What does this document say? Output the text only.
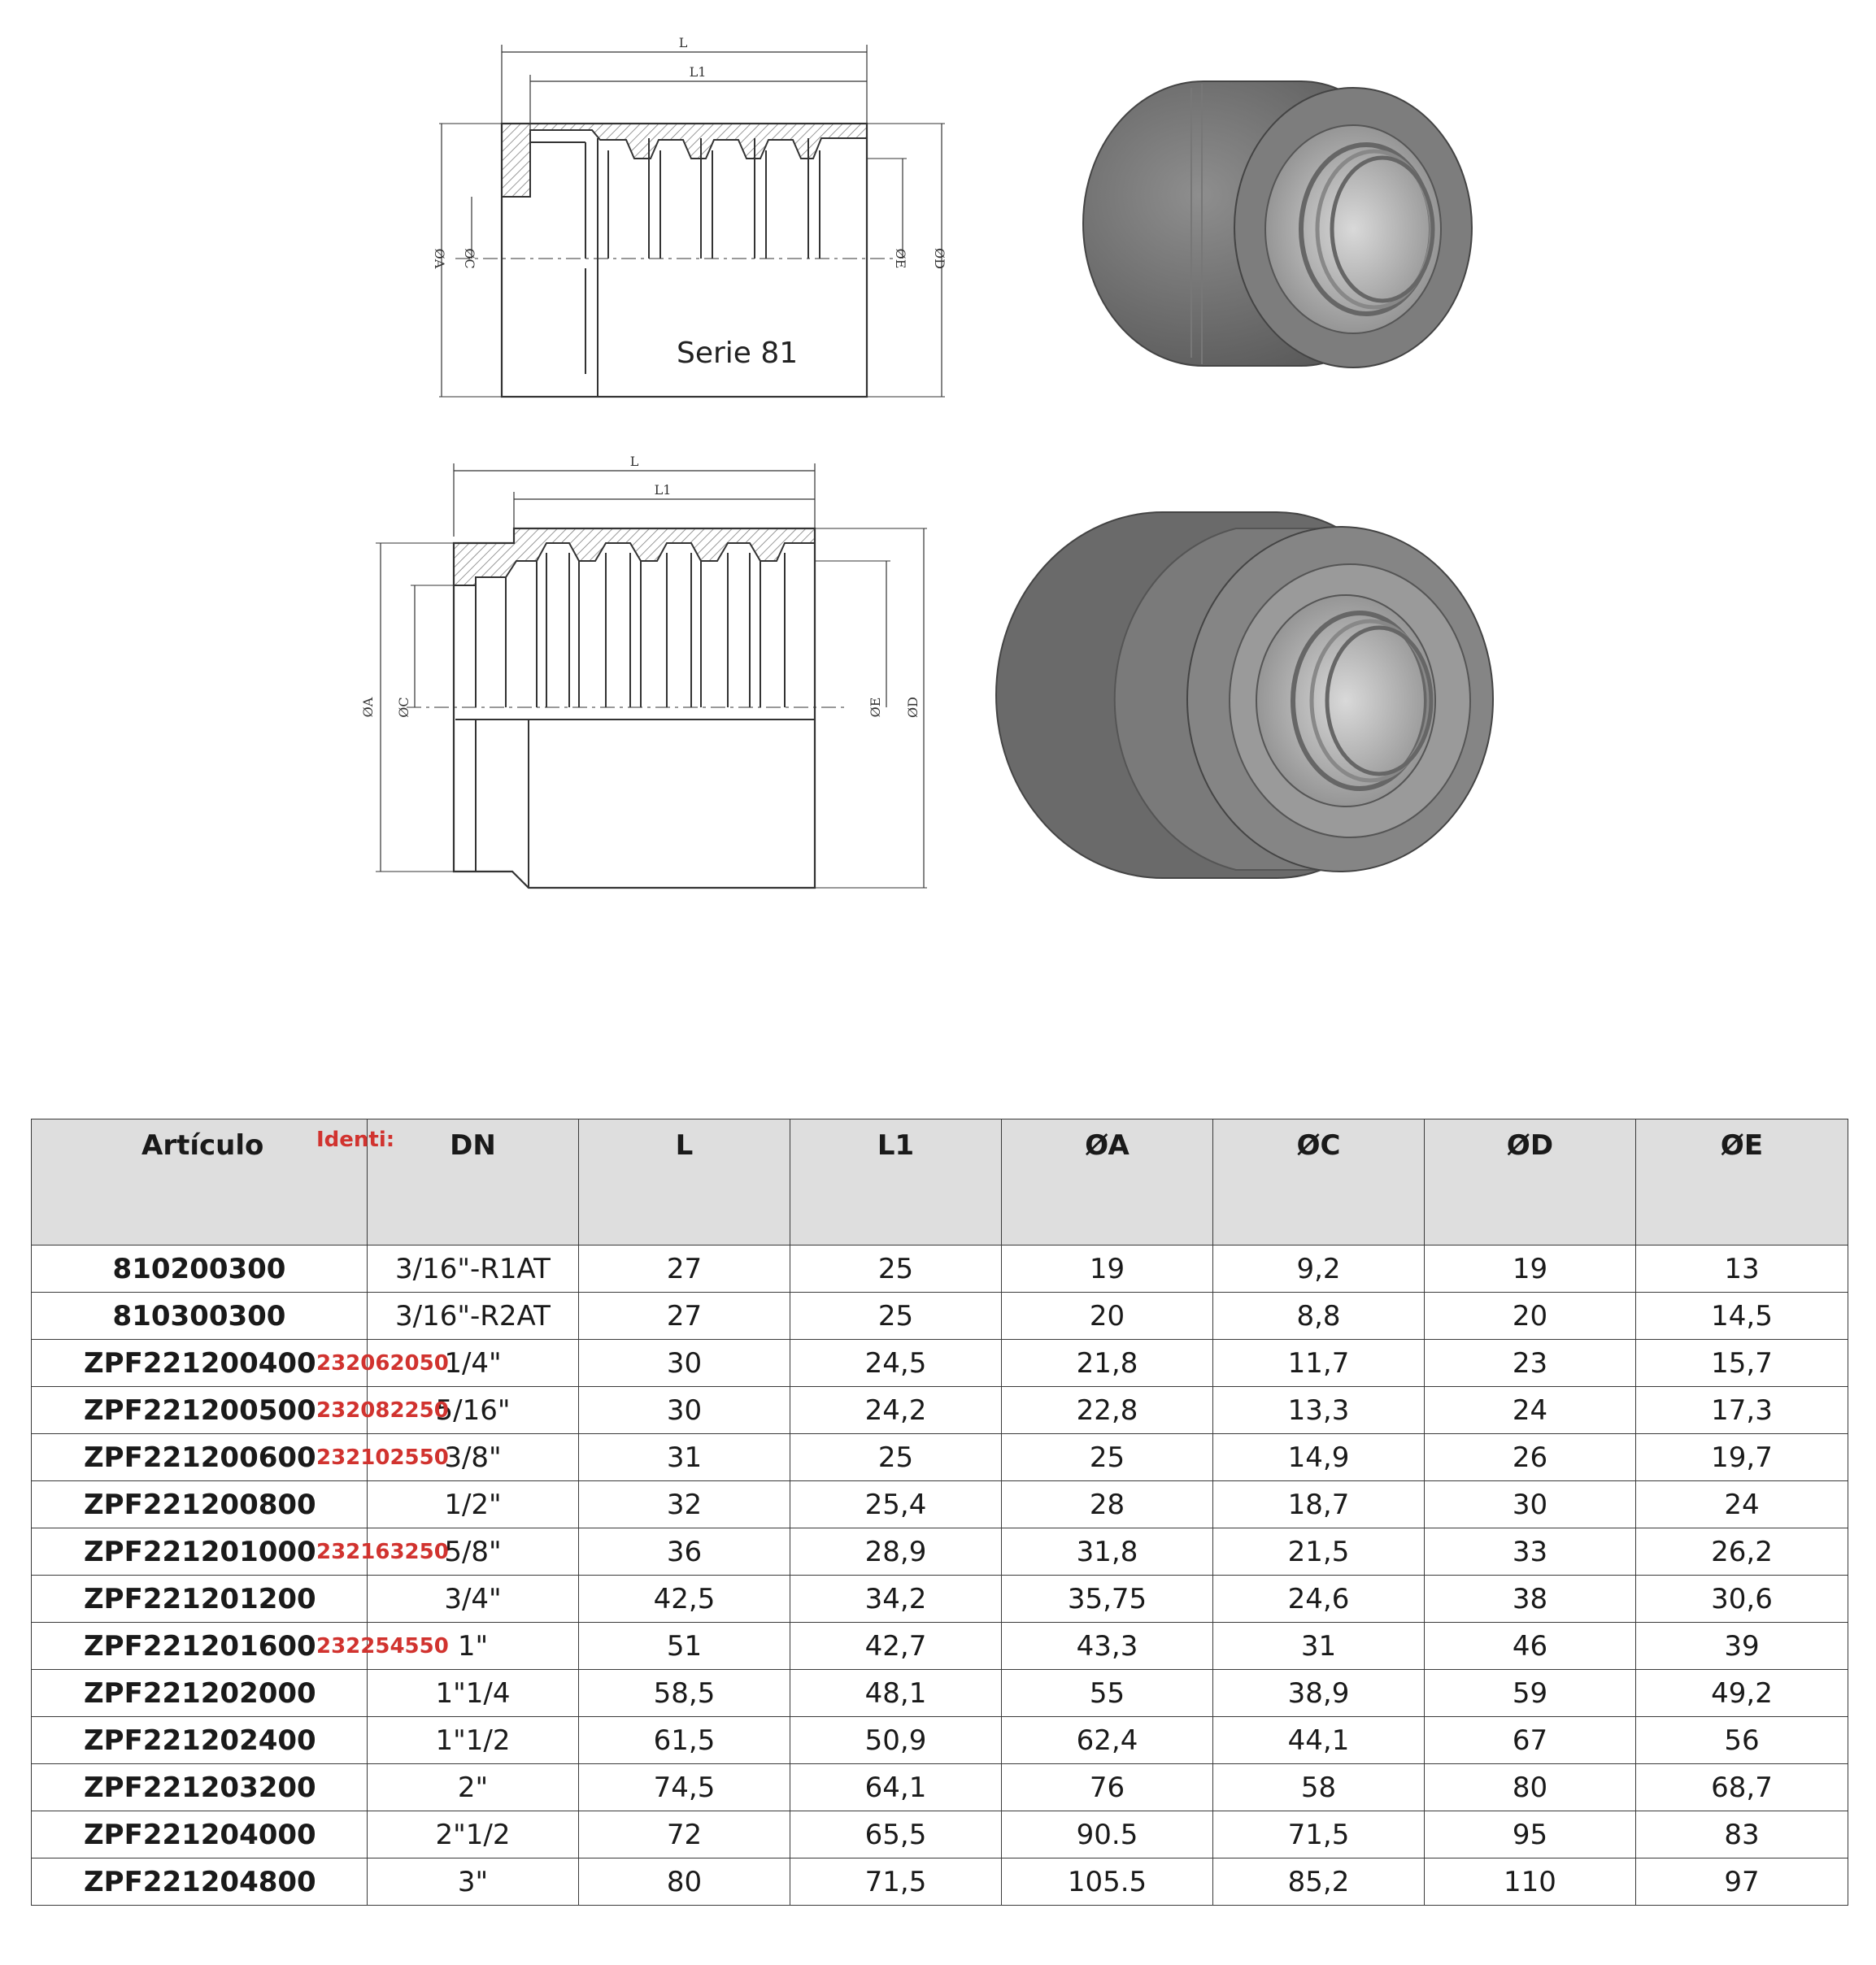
L
L1
ØA ØC	ØE ØD
Serie 81
L
L1
ØA ØC	ØE ØD
Artículo Identi:	DN	L	L1	ØA	ØC	ØD	ØE

810200300	3/16"-R1AT	27	25	19	9,2	19	13

810300300	3/16"-R2AT	27	25	20	8,8	20	14,5

ZPF221200400 232062050	1/4"	30	24,5	21,8	11,7	23	15,7

ZPF221200500 232082250	5/16"	30	24,2	22,8	13,3	24	17,3

ZPF221200600 232102550	3/8"	31	25	25	14,9	26	19,7

ZPF221200800	1/2"	32	25,4	28	18,7	30	24

ZPF221201000 232163250	5/8"	36	28,9	31,8	21,5	33	26,2

ZPF221201200	3/4"	42,5	34,2	35,75	24,6	38	30,6

ZPF221201600 232254550	1"	51	42,7	43,3	31	46	39

ZPF221202000	1"1/4	58,5	48,1	55	38,9	59	49,2

ZPF221202400	1"1/2	61,5	50,9	62,4	44,1	67	56

ZPF221203200	2"	74,5	64,1	76	58	80	68,7

ZPF221204000	2"1/2	72	65,5	90.5	71,5	95	83

ZPF221204800	3"	80	71,5	105.5	85,2	110	97
